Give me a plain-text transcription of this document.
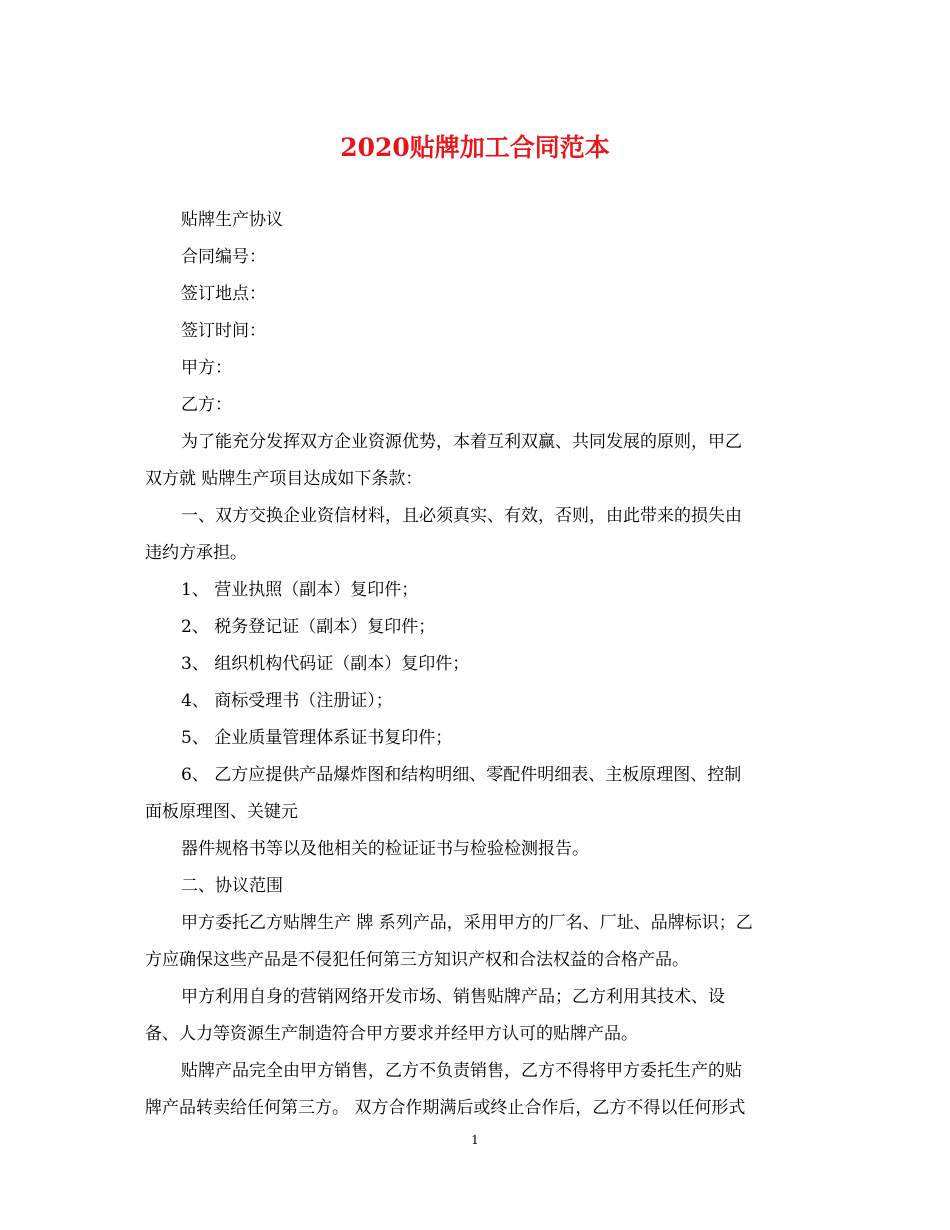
2020贴牌加工合同范本
贴牌生产协议
合同编号：
签订地点：
签订时间：
甲方：
乙方：
为了能充分发挥双方企业资源优势，本着互利双赢、共同发展的原则，甲乙
双方就 贴牌生产项目达成如下条款：
一、双方交换企业资信材料，且必须真实、有效，否则，由此带来的损失由
违约方承担。
1、 营业执照（副本）复印件；
2、 税务登记证（副本）复印件；
3、 组织机构代码证（副本）复印件；
4、 商标受理书（注册证）；
5、 企业质量管理体系证书复印件；
6、 乙方应提供产品爆炸图和结构明细、零配件明细表、主板原理图、控制
面板原理图、关键元
器件规格书等以及他相关的检证证书与检验检测报告。
二、协议范围
甲方委托乙方贴牌生产 牌 系列产品，采用甲方的厂名、厂址、品牌标识；乙
方应确保这些产品是不侵犯任何第三方知识产权和合法权益的合格产品。
甲方利用自身的营销网络开发市场、销售贴牌产品；乙方利用其技术、设
备、人力等资源生产制造符合甲方要求并经甲方认可的贴牌产品。
贴牌产品完全由甲方销售，乙方不负责销售，乙方不得将甲方委托生产的贴
牌产品转卖给任何第三方。 双方合作期满后或终止合作后，乙方不得以任何形式
1
